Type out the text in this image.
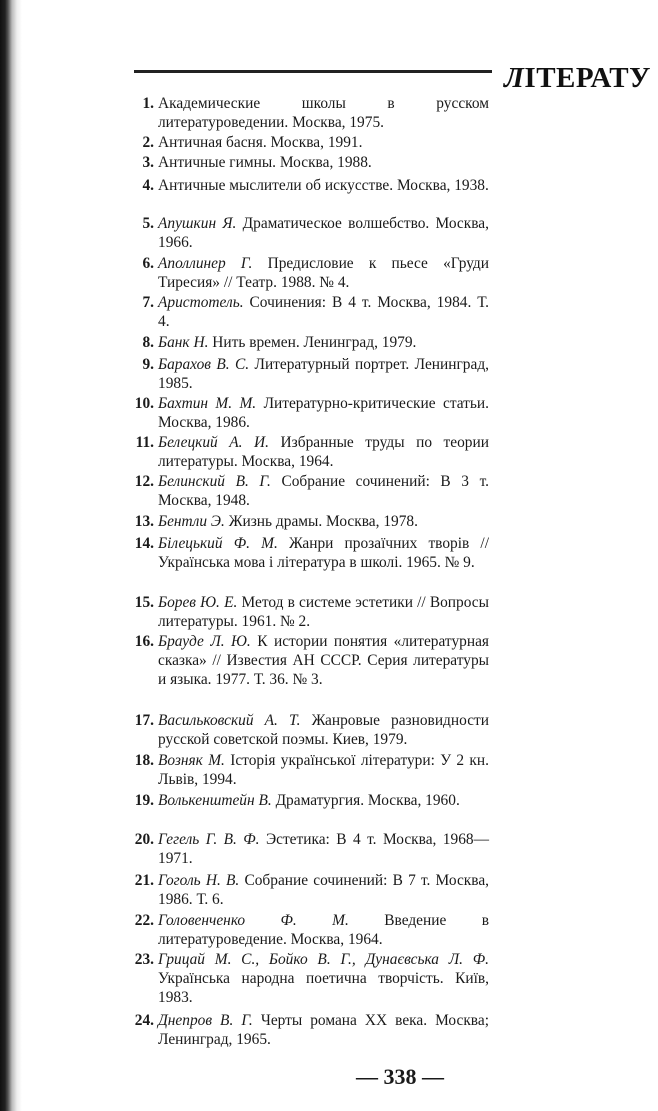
ЛІТЕРАТУ
1. Академические школы в русском литературоведении. Москва, 1975.
2. Античная басня. Москва, 1991.
3. Античные гимны. Москва, 1988.
4. Античные мыслители об искусстве. Москва, 1938.
5. Апушкин Я. Драматическое волшебство. Москва, 1966.
6. Аполлинер Г. Предисловие к пьесе «Груди Тиресия» // Театр. 1988. № 4.
7. Аристотель. Сочинения: В 4 т. Москва, 1984. Т. 4.
8. Банк Н. Нить времен. Ленинград, 1979.
9. Барахов В. С. Литературный портрет. Ленинград, 1985.
10. Бахтин М. М. Литературно-критические статьи. Москва, 1986.
11. Белецкий А. И. Избранные труды по теории литературы. Москва, 1964.
12. Белинский В. Г. Собрание сочинений: В 3 т. Москва, 1948.
13. Бентли Э. Жизнь драмы. Москва, 1978.
14. Білецький Ф. М. Жанри прозаїчних творів // Українська мова і література в школі. 1965. № 9.
15. Борев Ю. Е. Метод в системе эстетики // Вопросы литературы. 1961. № 2.
16. Брауде Л. Ю. К истории понятия «литературная сказка» // Известия АН СССР. Серия литературы и языка. 1977. Т. 36. № 3.
17. Васильковский А. Т. Жанровые разновидности русской советской поэмы. Киев, 1979.
18. Возняк М. Історія української літератури: У 2 кн. Львів, 1994.
19. Волькенштейн В. Драматургия. Москва, 1960.
20. Гегель Г. В. Ф. Эстетика: В 4 т. Москва, 1968—1971.
21. Гоголь Н. В. Собрание сочинений: В 7 т. Москва, 1986. Т. 6.
22. Головенченко Ф. М. Введение в литературоведение. Москва, 1964.
23. Грицай М. С., Бойко В. Г., Дунаєвська Л. Ф. Українська народна поетична творчість. Київ, 1983.
24. Днепров В. Г. Черты романа XX века. Москва; Ленинград, 1965.
— 338 —
